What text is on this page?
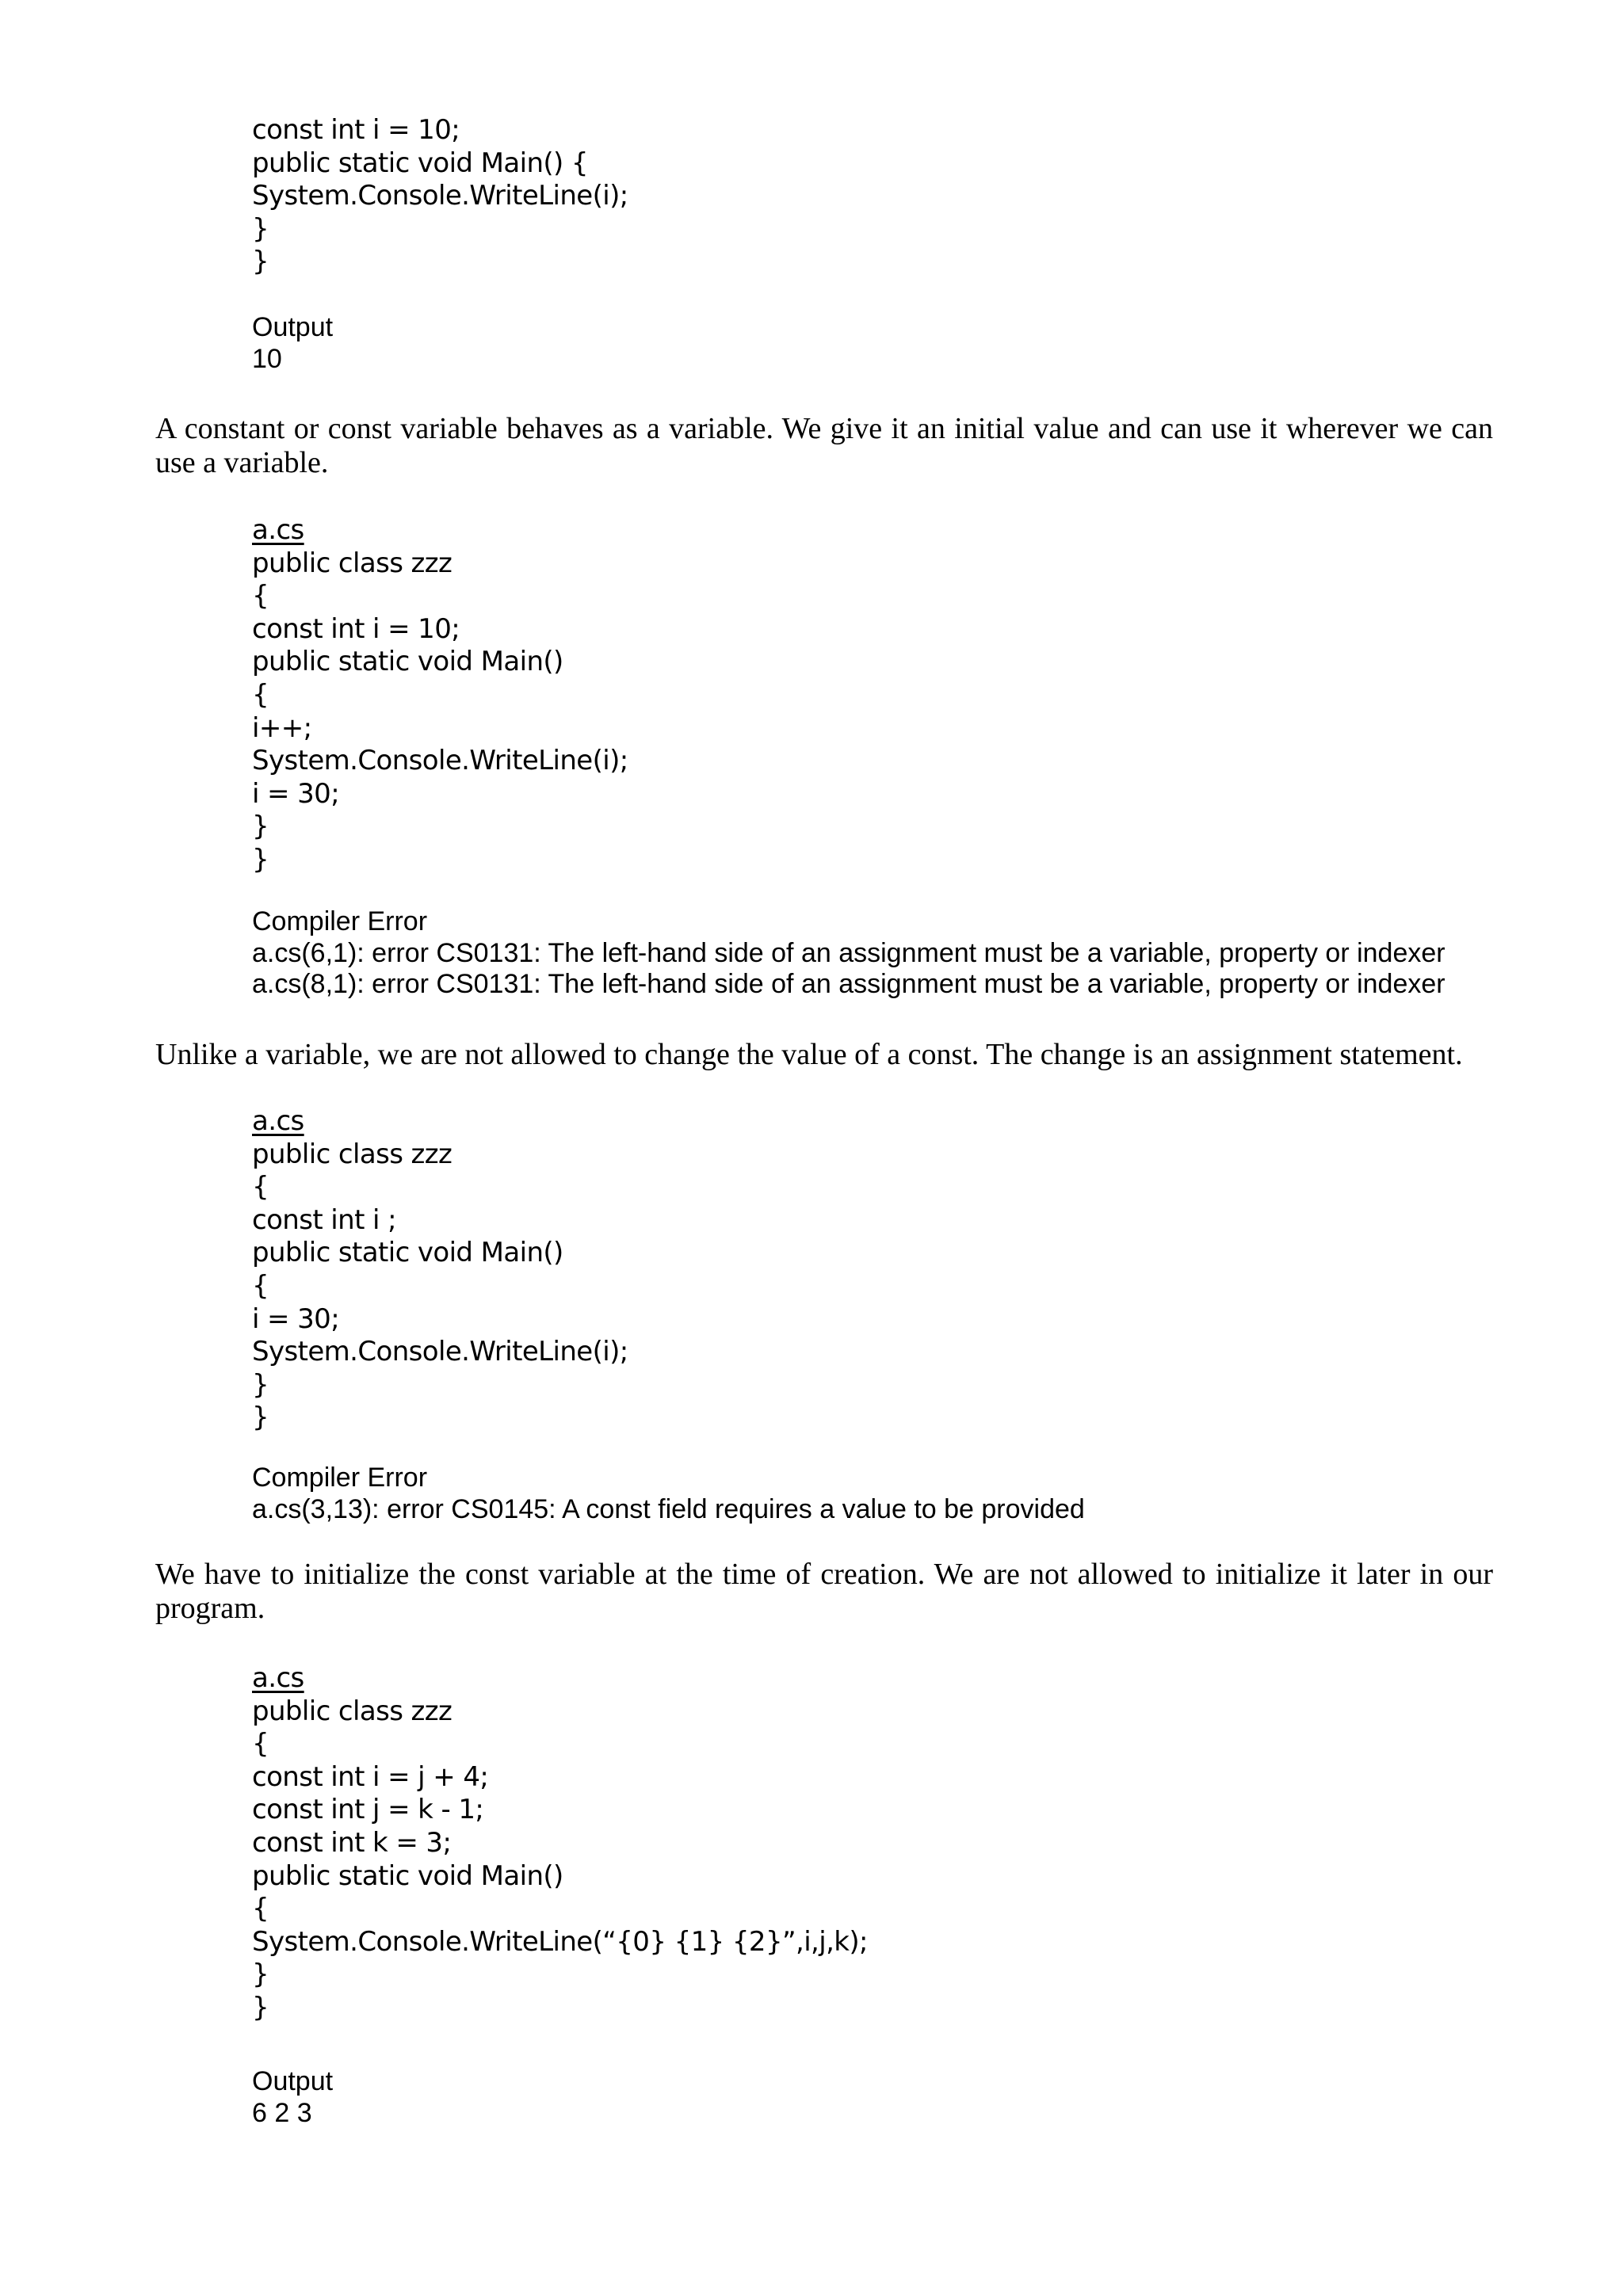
const int i = 10;
public static void Main() {
System.Console.WriteLine(i);
}
}
Output
10

A constant or const variable behaves as a variable. We give it an initial value and can use it wherever we can use a variable.

a.cs
public class zzz
{
const int i = 10;
public static void Main()
{
i++;
System.Console.WriteLine(i);
i = 30;
}
}
Compiler Error
a.cs(6,1): error CS0131: The left-hand side of an assignment must be a variable, property or indexer
a.cs(8,1): error CS0131: The left-hand side of an assignment must be a variable, property or indexer

Unlike a variable, we are not allowed to change the value of a const. The change is an assignment statement.

a.cs
public class zzz
{
const int i ;
public static void Main()
{
i = 30;
System.Console.WriteLine(i);
}
}
Compiler Error
a.cs(3,13): error CS0145: A const field requires a value to be provided

We have to initialize the const variable at the time of creation. We are not allowed to initialize it later in our program.

a.cs
public class zzz
{
const int i = j + 4;
const int j = k - 1;
const int k = 3;
public static void Main()
{
System.Console.WriteLine(“{0} {1} {2}”,i,j,k);
}
}
Output
6 2 3
